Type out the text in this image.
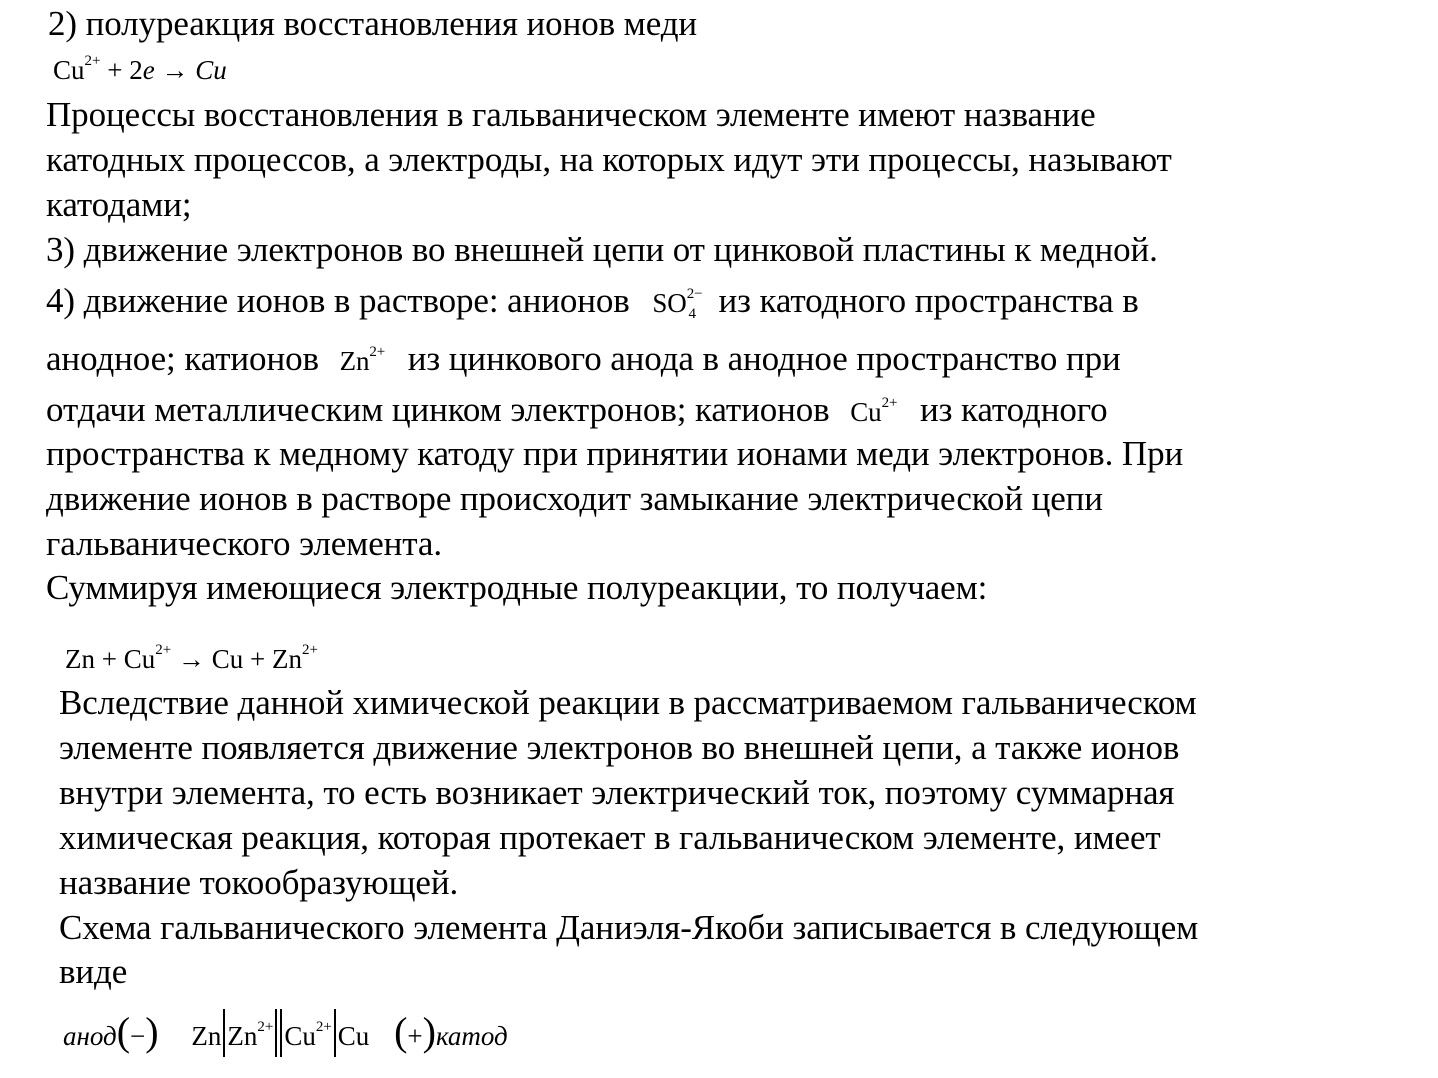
2) полуреакция восстановления ионов меди
$Cu^{2+} + 2e \to Cu$
Процессы восстановления в гальваническом элементе имеют название
катодных процессов, а электроды, на которых идут эти процессы, называют
катодами;
3) движение электронов во внешней цепи от цинковой пластины к медной.
4) движение ионов в растворе: анионов $SO^{2-}_4$ из катодного пространства в
анодное; катионов $Zn^{2+}$ из цинкового анода в анодное пространство при
отдачи металлическим цинком электронов; катионов $Cu^{2+}$ из катодного
пространства к медному катоду при принятии ионами меди электронов. При
движение ионов в растворе происходит замыкание электрической цепи
гальванического элемента.
Суммируя имеющиеся электродные полуреакции, то получаем:
$Zn + Cu^{2+} \to Cu + Zn^{2+}$
Вследствие данной химической реакции в рассматриваемом гальваническом
элементе появляется движение электронов во внешней цепи, а также ионов
внутри элемента, то есть возникает электрический ток, поэтому суммарная
химическая реакция, которая протекает в гальваническом элементе, имеет
название токообразующей.
Схема гальванического элемента Даниэля-Якоби записывается в следующем
виде
анод(−) Zn $Zn^{2+}$ $Cu^{2+}$ Cu (+)катод
